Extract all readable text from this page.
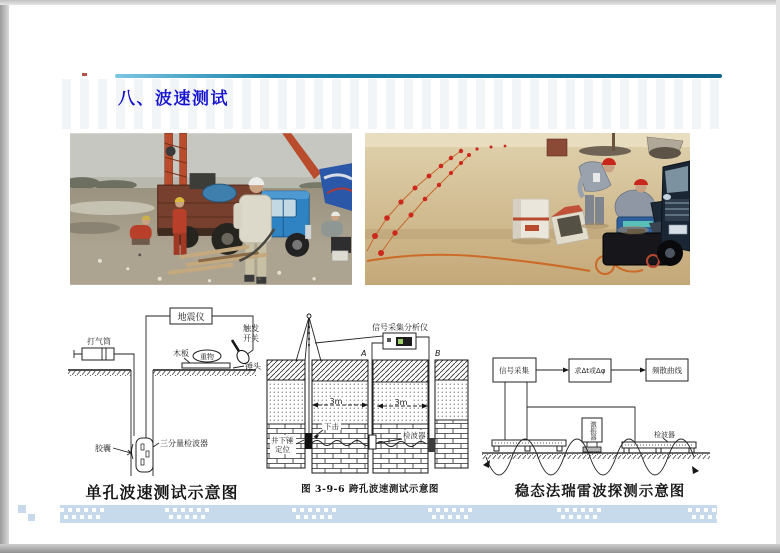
八、波速测试
地震仪
触发
开关
打气筒
木板 重物
锤头
三分量检波器
胶囊
单孔波速测试示意图
信号采集分析仪
A	B
3m	3m
下击
检波器
井下锤
定位
图 3-9-6 跨孔波速测试示意图
信号采集	求Δt或Δφ	频散曲线
检波器
稳态法瑞雷波探测示意图
激振器
